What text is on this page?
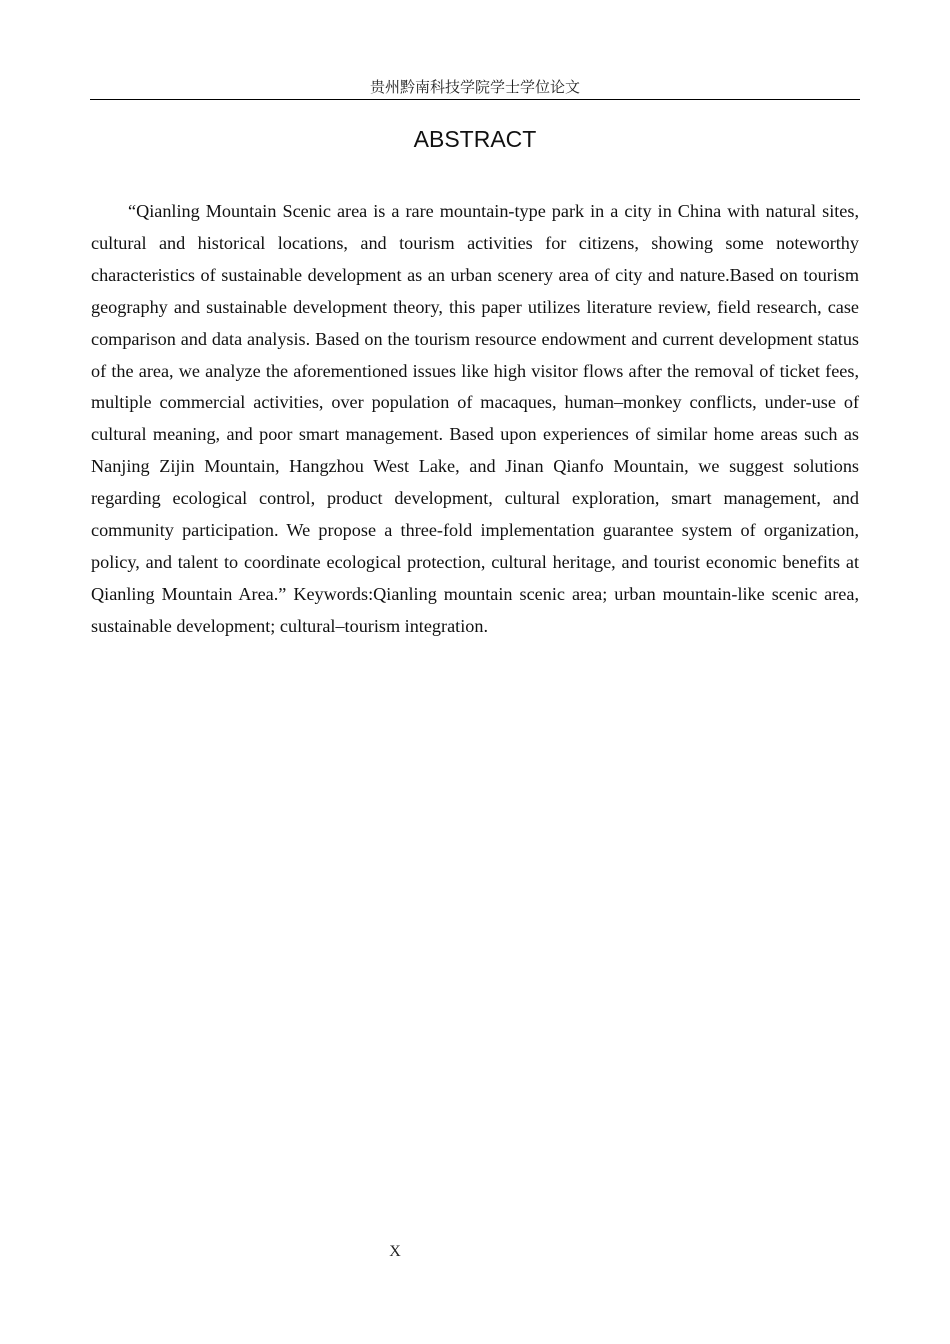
贵州黔南科技学院学士学位论文
ABSTRACT

“Qianling Mountain Scenic area is a rare mountain-type park in a city in China with natural sites, cultural and historical locations, and tourism activities for citizens, showing some noteworthy characteristics of sustainable development as an urban scenery area of city and nature.Based on tourism geography and sustainable development theory, this paper utilizes literature review, field research, case comparison and data analysis. Based on the tourism resource endowment and current development status of the area, we analyze the aforementioned issues like high visitor flows after the removal of ticket fees, multiple commercial activities, over population of macaques, human–monkey conflicts, under-use of cultural meaning, and poor smart management. Based upon experiences of similar home areas such as Nanjing Zijin Mountain, Hangzhou West Lake, and Jinan Qianfo Mountain, we suggest solutions regarding ecological control, product development, cultural exploration, smart management, and community participation. We propose a three-fold implementation guarantee system of organization, policy, and talent to coordinate ecological protection, cultural heritage, and tourist economic benefits at Qianling Mountain Area.” Keywords:Qianling mountain scenic area; urban mountain-like scenic area, sustainable development; cultural–tourism integration.

X
